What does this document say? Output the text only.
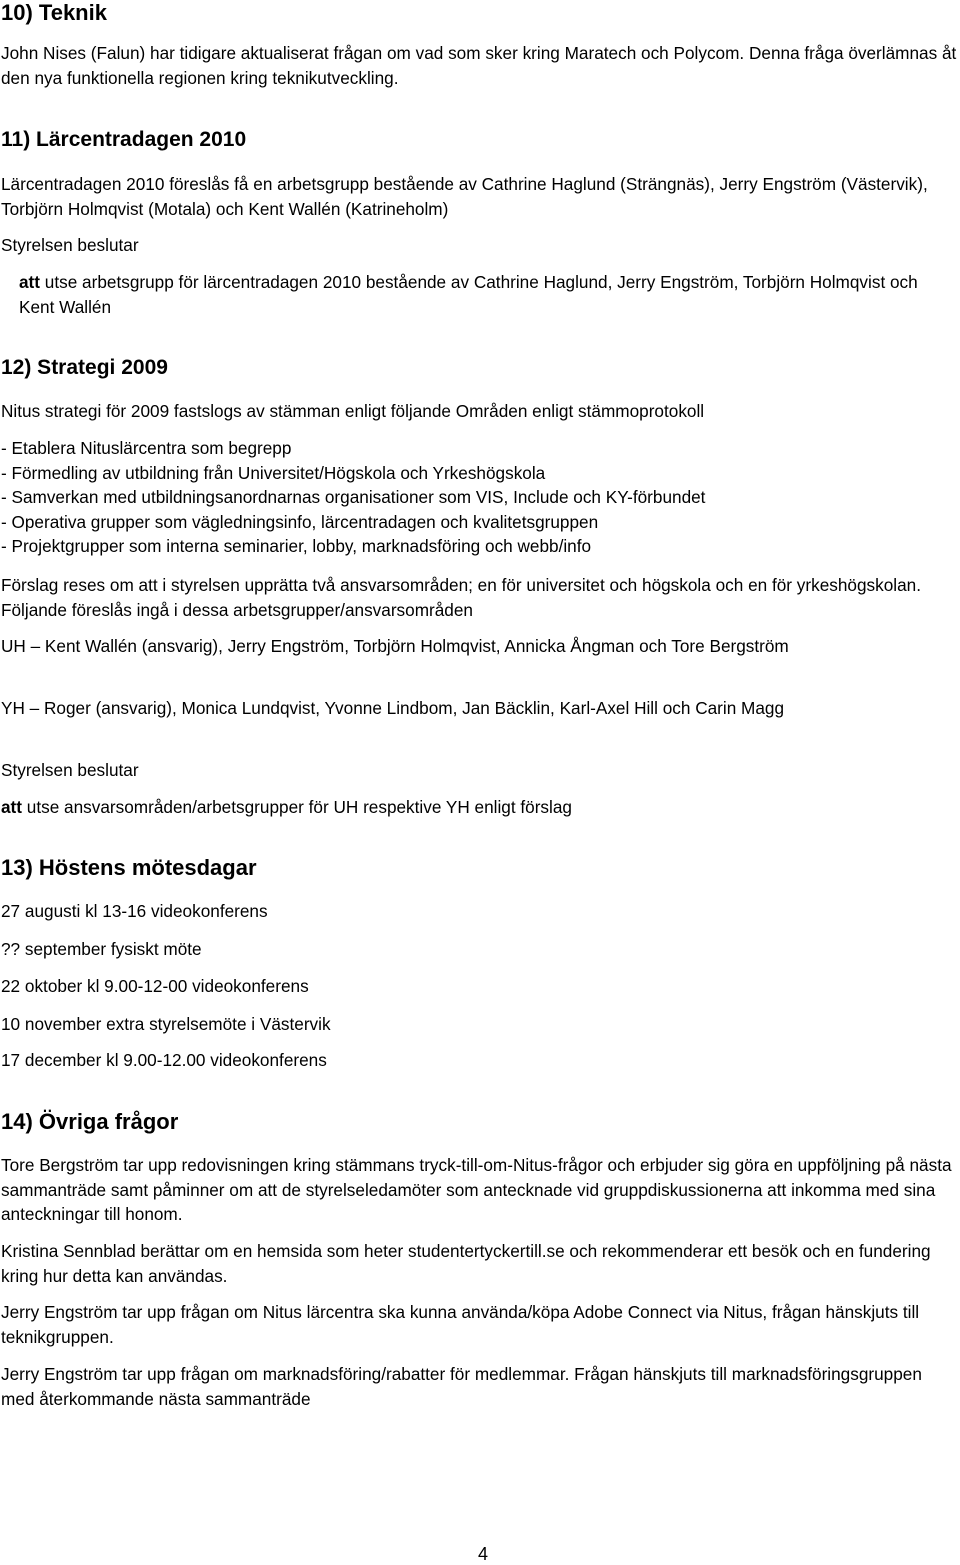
10) Teknik

John Nises (Falun) har tidigare aktualiserat frågan om vad som sker kring Maratech och Polycom. Denna fråga överlämnas åt den nya funktionella regionen kring teknikutveckling.

11) Lärcentradagen 2010

Lärcentradagen 2010 föreslås få en arbetsgrupp bestående av Cathrine Haglund (Strängnäs), Jerry Engström (Västervik), Torbjörn Holmqvist (Motala) och Kent Wallén (Katrineholm)

Styrelsen beslutar

att utse arbetsgrupp för lärcentradagen 2010 bestående av Cathrine Haglund, Jerry Engström, Torbjörn Holmqvist och Kent Wallén

12) Strategi 2009

Nitus strategi för 2009 fastslogs av stämman enligt följande Områden enligt stämmoprotokoll

- Etablera Nituslärcentra som begrepp
- Förmedling av utbildning från Universitet/Högskola och Yrkeshögskola
- Samverkan med utbildningsanordnarnas organisationer som VIS, Include och KY-förbundet
- Operativa grupper som vägledningsinfo, lärcentradagen och kvalitetsgruppen
- Projektgrupper som interna seminarier, lobby, marknadsföring och webb/info

Förslag reses om att i styrelsen upprätta två ansvarsområden; en för universitet och högskola och en för yrkeshögskolan. Följande föreslås ingå i dessa arbetsgrupper/ansvarsområden

UH – Kent Wallén (ansvarig), Jerry Engström, Torbjörn Holmqvist, Annicka Ångman och Tore Bergström

YH – Roger (ansvarig), Monica Lundqvist, Yvonne Lindbom, Jan Bäcklin, Karl-Axel Hill och Carin Magg

Styrelsen beslutar

att utse ansvarsområden/arbetsgrupper för UH respektive YH enligt förslag

13) Höstens mötesdagar

27 augusti kl 13-16 videokonferens

?? september fysiskt möte

22 oktober kl 9.00-12-00 videokonferens

10 november extra styrelsemöte i Västervik

17 december kl 9.00-12.00 videokonferens

14) Övriga frågor

Tore Bergström tar upp redovisningen kring stämmans tryck-till-om-Nitus-frågor och erbjuder sig göra en uppföljning på nästa sammanträde samt påminner om att de styrelseledamöter som antecknade vid gruppdiskussionerna att inkomma med sina anteckningar till honom.

Kristina Sennblad berättar om en hemsida som heter studentertyckertill.se och rekommenderar ett besök och en fundering kring hur detta kan användas.

Jerry Engström tar upp frågan om Nitus lärcentra ska kunna använda/köpa Adobe Connect via Nitus, frågan hänskjuts till teknikgruppen.

Jerry Engström tar upp frågan om marknadsföring/rabatter för medlemmar. Frågan hänskjuts till marknadsföringsgruppen med återkommande nästa sammanträde

4
